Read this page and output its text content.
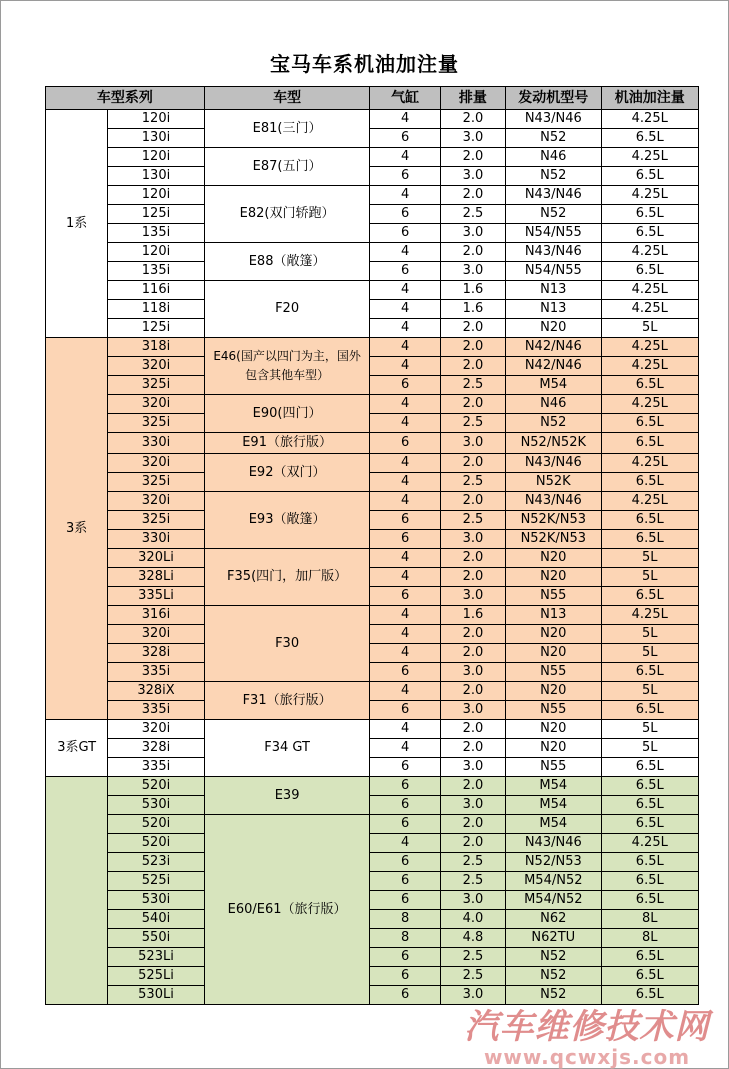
宝马车系机油加注量
车型系列		车型	气缸	排量	发动机型号	机油加注量
1系	120i	E81(三门）	4	2.0	N43/N46	4.25L
	130i		6	3.0	N52	6.5L
	120i	E87(五门）	4	2.0	N46	4.25L
	130i		6	3.0	N52	6.5L
	120i	E82(双门轿跑）	4	2.0	N43/N46	4.25L
	125i		6	2.5	N52	6.5L
	135i		6	3.0	N54/N55	6.5L
	120i	E88（敞篷）	4	2.0	N43/N46	4.25L
	135i		6	3.0	N54/N55	6.5L
	116i	F20	4	1.6	N13	4.25L
	118i		4	1.6	N13	4.25L
	125i		4	2.0	N20	5L
3系	318i	E46(国产以四门为主，国外包含其他车型）	4	2.0	N42/N46	4.25L
	320i		4	2.0	N42/N46	4.25L
	325i		6	2.5	M54	6.5L
	320i	E90(四门）	4	2.0	N46	4.25L
	325i		4	2.5	N52	6.5L
	330i	E91（旅行版）	6	3.0	N52/N52K	6.5L
	320i	E92（双门）	4	2.0	N43/N46	4.25L
	325i		4	2.5	N52K	6.5L
	320i	E93（敞篷）	4	2.0	N43/N46	4.25L
	325i		6	2.5	N52K/N53	6.5L
	330i		6	3.0	N52K/N53	6.5L
	320Li	F35(四门，加厂版）	4	2.0	N20	5L
	328Li		4	2.0	N20	5L
	335Li		6	3.0	N55	6.5L
	316i	F30	4	1.6	N13	4.25L
	320i		4	2.0	N20	5L
	328i		4	2.0	N20	5L
	335i		6	3.0	N55	6.5L
	328iX	F31（旅行版）	4	2.0	N20	5L
	335i		6	3.0	N55	6.5L
3系GT	320i	F34 GT	4	2.0	N20	5L
	328i		4	2.0	N20	5L
	335i		6	3.0	N55	6.5L
	520i	E39	6	2.0	M54	6.5L
	530i		6	3.0	M54	6.5L
	520i	E60/E61（旅行版）	6	2.0	M54	6.5L
	520i		4	2.0	N43/N46	4.25L
	523i		6	2.5	N52/N53	6.5L
	525i		6	2.5	M54/N52	6.5L
	530i		6	3.0	M54/N52	6.5L
	540i		8	4.0	N62	8L
	550i		8	4.8	N62TU	8L
	523Li		6	2.5	N52	6.5L
	525Li		6	2.5	N52	6.5L
	530Li		6	3.0	N52	6.5L
汽车维修技术网
www.qcwxjs.com
